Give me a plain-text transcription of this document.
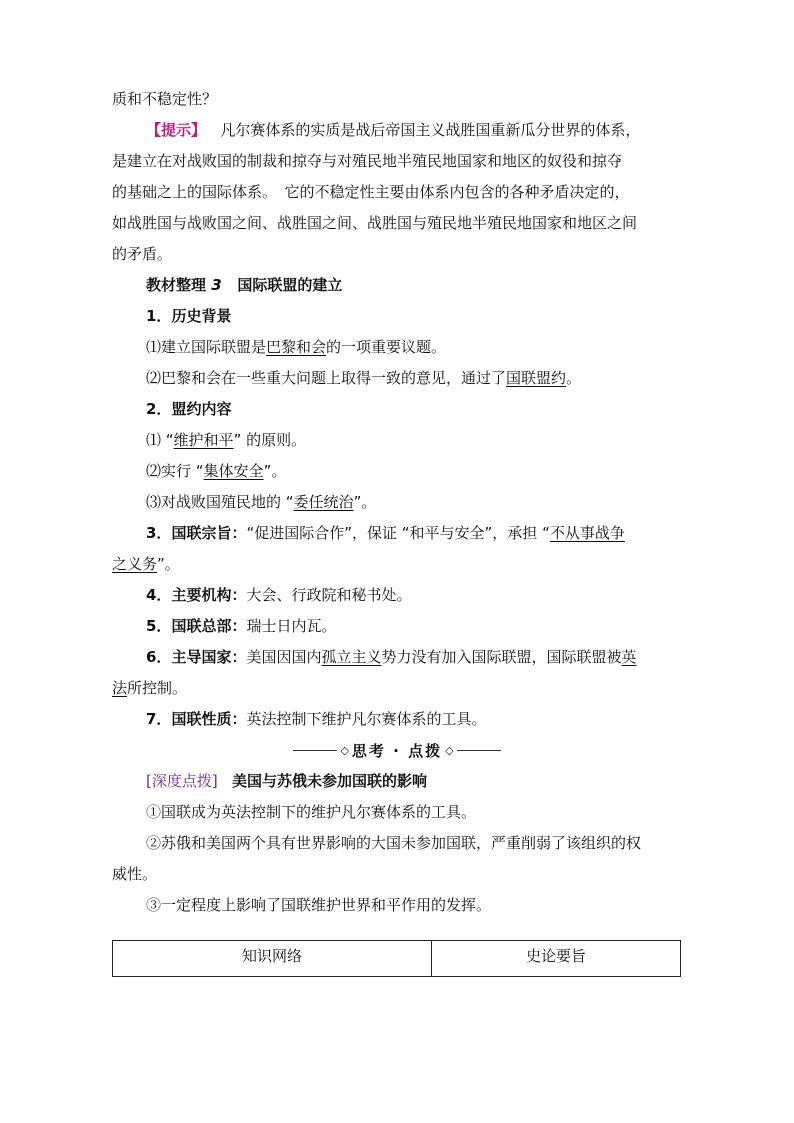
质和不稳定性？
【提示】 凡尔赛体系的实质是战后帝国主义战胜国重新瓜分世界的体系，
是建立在对战败国的制裁和掠夺与对殖民地半殖民地国家和地区的奴役和掠夺
的基础之上的国际体系。　它的不稳定性主要由体系内包含的各种矛盾决定的，
如战胜国与战败国之间、战胜国之间、战胜国与殖民地半殖民地国家和地区之间
的矛盾。
教材整理 3 国际联盟的建立
1．历史背景
⑴建立国际联盟是巴黎和会的一项重要议题。
⑵巴黎和会在一些重大问题上取得一致的意见，通过了国联盟约。
2．盟约内容
⑴ “维护和平” 的原则。
⑵实行 “集体安全”。
⑶对战败国殖民地的 “委任统治”。
3．国联宗旨：“促进国际合作”，保证 “和平与安全”，承担 “不从事战争
之义务”。
4．主要机构：大会、行政院和秘书处。
5．国联总部：瑞士日内瓦。
6．主导国家：美国因国内孤立主义势力没有加入国际联盟，国际联盟被英
法所控制。
7．国联性质：英法控制下维护凡尔赛体系的工具。
◇ 思考 · 点拨 ◇
[深度点拨] 美国与苏俄未参加国联的影响
①国联成为英法控制下的维护凡尔赛体系的工具。
②苏俄和美国两个具有世界影响的大国未参加国联，严重削弱了该组织的权
威性。
③一定程度上影响了国联维护世界和平作用的发挥。
知识网络	史论要旨
